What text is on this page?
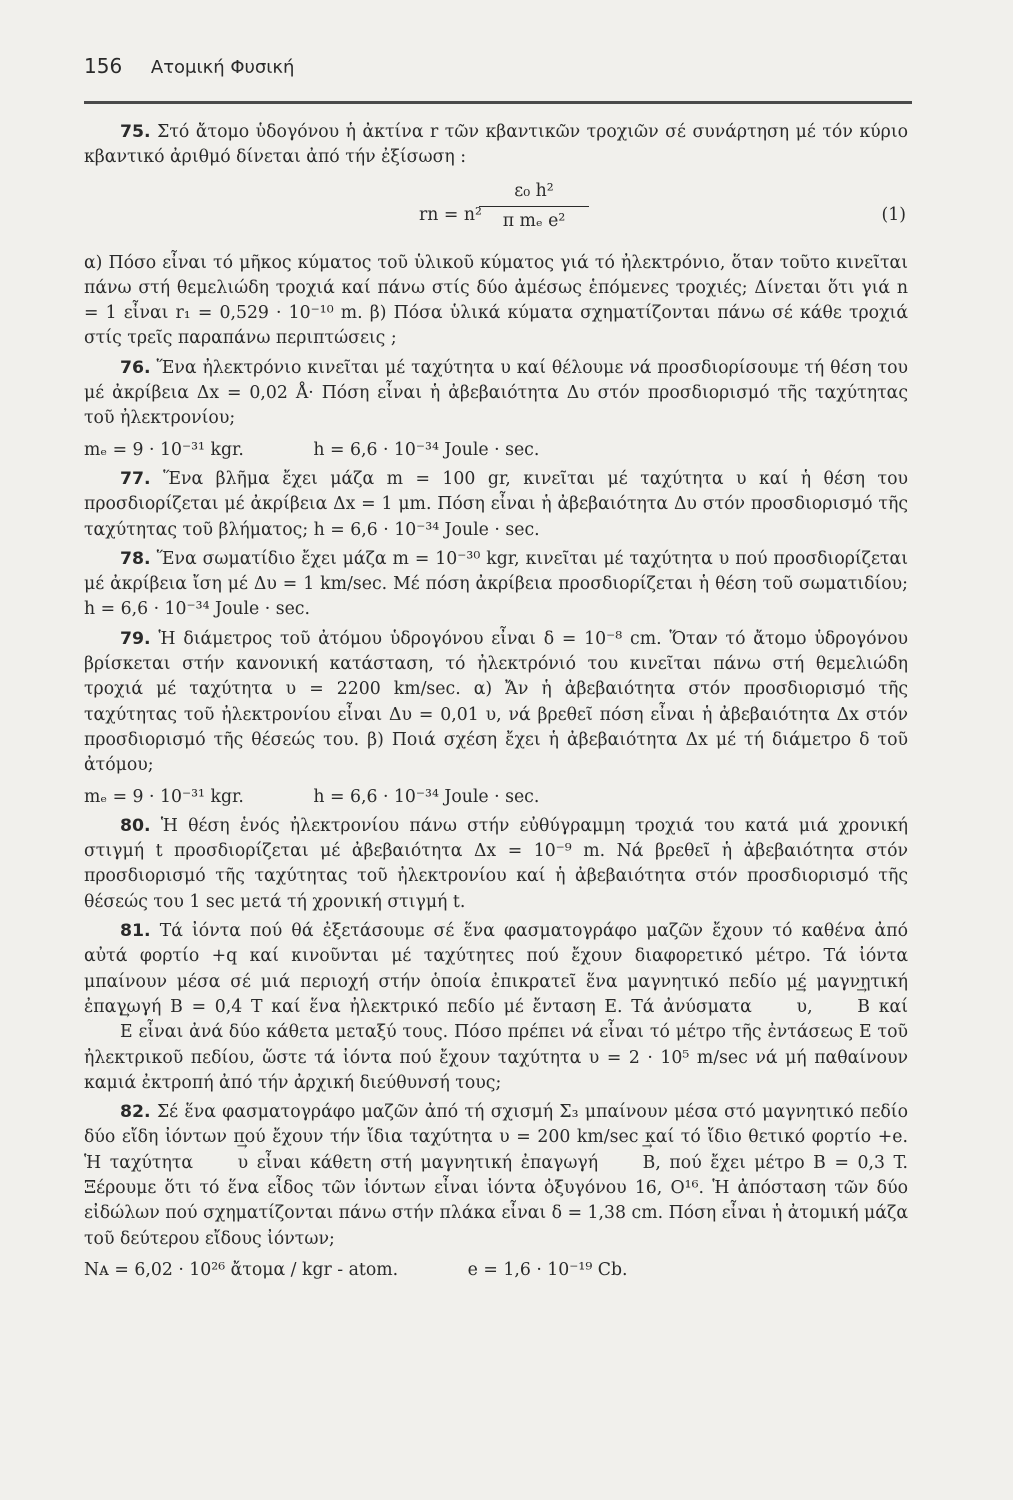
156 Ατομική Φυσική

75. Στό ἄτομο ὑδογόνου ἡ ἀκτίνα r τῶν κβαντικῶν τροχιῶν σέ συνάρτηση μέ τόν κύριο κβαντικό ἀριθμό δίνεται ἀπό τήν ἐξίσωση :

rn = n²
ε₀ h²
π mₑ e²	(1)

α) Πόσο εἶναι τό μῆκος κύματος τοῦ ὑλικοῦ κύματος γιά τό ἠλεκτρόνιο, ὅταν τοῦτο κινεῖται πάνω στή θεμελιώδη τροχιά καί πάνω στίς δύο ἀμέσως ἑπόμενες τροχιές; Δίνεται ὅτι γιά n = 1 εἶναι r₁ = 0,529 · 10⁻¹⁰ m. β) Πόσα ὑλικά κύματα σχηματίζονται πάνω σέ κάθε τροχιά στίς τρεῖς παραπάνω περιπτώσεις ;

76. Ἕνα ἠλεκτρόνιο κινεῖται μέ ταχύτητα υ καί θέλουμε νά προσδιορίσουμε τή θέση του μέ ἀκρίβεια Δx = 0,02 Å· Πόση εἶναι ἡ ἀβεβαιότητα Δυ στόν προσδιορισμό τῆς ταχύτητας τοῦ ἠλεκτρονίου;

mₑ = 9 · 10⁻³¹ kgr.	h = 6,6 · 10⁻³⁴ Joule · sec.

77. Ἕνα βλῆμα ἔχει μάζα m = 100 gr, κινεῖται μέ ταχύτητα υ καί ἡ θέση του προσδιορίζεται μέ ἀκρίβεια Δx = 1 μm. Πόση εἶναι ἡ ἀβεβαιότητα Δυ στόν προσδιορισμό τῆς ταχύτητας τοῦ βλήματος; h = 6,6 · 10⁻³⁴ Joule · sec.

78. Ἕνα σωματίδιο ἔχει μάζα m = 10⁻³⁰ kgr, κινεῖται μέ ταχύτητα υ πού προσδιορίζεται μέ ἀκρίβεια ἴση μέ Δυ = 1 km/sec. Μέ πόση ἀκρίβεια προσδιορίζεται ἡ θέση τοῦ σωματιδίου; h = 6,6 · 10⁻³⁴ Joule · sec.

79. Ἡ διάμετρος τοῦ ἀτόμου ὑδρογόνου εἶναι δ = 10⁻⁸ cm. Ὅταν τό ἄτομο ὑδρογόνου βρίσκεται στήν κανονική κατάσταση, τό ἠλεκτρόνιό του κινεῖται πάνω στή θεμελιώδη τροχιά μέ ταχύτητα υ = 2200 km/sec. α) Ἄν ἡ ἀβεβαιότητα στόν προσδιορισμό τῆς ταχύτητας τοῦ ἠλεκτρονίου εἶναι Δυ = 0,01 υ, νά βρεθεῖ πόση εἶναι ἡ ἀβεβαιότητα Δx στόν προσδιορισμό τῆς θέσεώς του. β) Ποιά σχέση ἔχει ἡ ἀβεβαιότητα Δx μέ τή διάμετρο δ τοῦ ἀτόμου;

mₑ = 9 · 10⁻³¹ kgr.	h = 6,6 · 10⁻³⁴ Joule · sec.

80. Ἡ θέση ἑνός ἠλεκτρονίου πάνω στήν εὐθύγραμμη τροχιά του κατά μιά χρονική στιγμή t προσδιορίζεται μέ ἀβεβαιότητα Δx = 10⁻⁹ m. Νά βρεθεῖ ἡ ἀβεβαιότητα στόν προσδιορισμό τῆς ταχύτητας τοῦ ἠλεκτρονίου καί ἡ ἀβεβαιότητα στόν προσδιορισμό τῆς θέσεώς του 1 sec μετά τή χρονική στιγμή t.

81. Τά ἰόντα πού θά ἐξετάσουμε σέ ἕνα φασματογράφο μαζῶν ἔχουν τό καθένα ἀπό αὐτά φορτίο +q καί κινοῦνται μέ ταχύτητες πού ἔχουν διαφορετικό μέτρο. Τά ἰόντα μπαίνουν μέσα σέ μιά περιοχή στήν ὁποία ἐπικρατεῖ ἕνα μαγνητικό πεδίο μέ μαγνητική ἐπαγωγή B = 0,4 T καί ἕνα ἠλεκτρικό πεδίο μέ ἔνταση E. Τά ἀνύσματα → υ, → B καί → E εἶναι ἀνά δύο κάθετα μεταξύ τους. Πόσο πρέπει νά εἶναι τό μέτρο τῆς ἐντάσεως E τοῦ ἠλεκτρικοῦ πεδίου, ὥστε τά ἰόντα πού ἔχουν ταχύτητα υ = 2 · 10⁵ m/sec νά μή παθαίνουν καμιά ἐκτροπή ἀπό τήν ἀρχική διεύθυνσή τους;

82. Σέ ἕνα φασματογράφο μαζῶν ἀπό τή σχισμή Σ₃ μπαίνουν μέσα στό μαγνητικό πεδίο δύο εἴδη ἰόντων πού ἔχουν τήν ἴδια ταχύτητα υ = 200 km/sec καί τό ἴδιο θετικό φορτίο +e. Ἡ ταχύτητα → υ εἶναι κάθετη στή μαγνητική ἐπαγωγή → B, πού ἔχει μέτρο B = 0,3 T. Ξέρουμε ὅτι τό ἕνα εἶδος τῶν ἰόντων εἶναι ἰόντα ὀξυγόνου 16, O¹⁶. Ἡ ἀπόσταση τῶν δύο εἰδώλων πού σχηματίζονται πάνω στήν πλάκα εἶναι δ = 1,38 cm. Πόση εἶναι ἡ ἀτομική μάζα τοῦ δεύτερου εἴδους ἰόντων;

Nᴀ = 6,02 · 10²⁶ ἄτομα / kgr - atom.	e = 1,6 · 10⁻¹⁹ Cb.
